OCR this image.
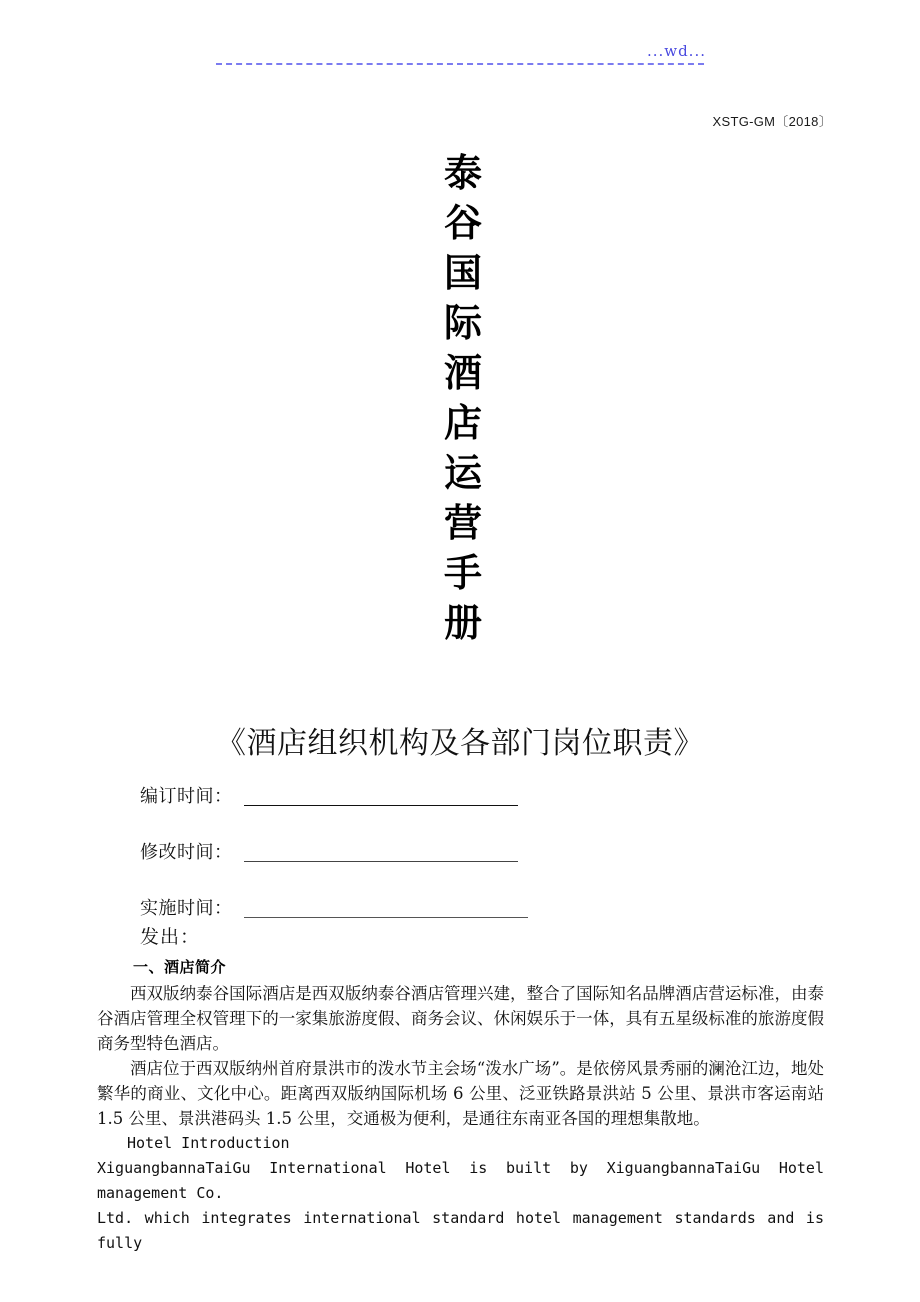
...wd...
XSTG-GM〔2018〕
泰
谷
国
际
酒
店
运
营
手
册
《酒店组织机构及各部门岗位职责》
编订时间：
修改时间：
实施时间：
发出：
一、酒店简介

西双版纳泰谷国际酒店是西双版纳泰谷酒店管理兴建，整合了国际知名品牌酒店营运标准，由泰谷酒店管理全权管理下的一家集旅游度假、商务会议、休闲娱乐于一体，具有五星级标准的旅游度假商务型特色酒店。

酒店位于西双版纳州首府景洪市的泼水节主会场“泼水广场”。是依傍风景秀丽的澜沧江边，地处繁华的商业、文化中心。距离西双版纳国际机场 6 公里、泛亚铁路景洪站 5 公里、景洪市客运南站 1.5 公里、景洪港码头 1.5 公里，交通极为便利，是通往东南亚各国的理想集散地。

Hotel Introduction

XiguangbannaTaiGu International Hotel is built by XiguangbannaTaiGu Hotel management Co.

Ltd. which integrates international standard hotel management standards and is fully
